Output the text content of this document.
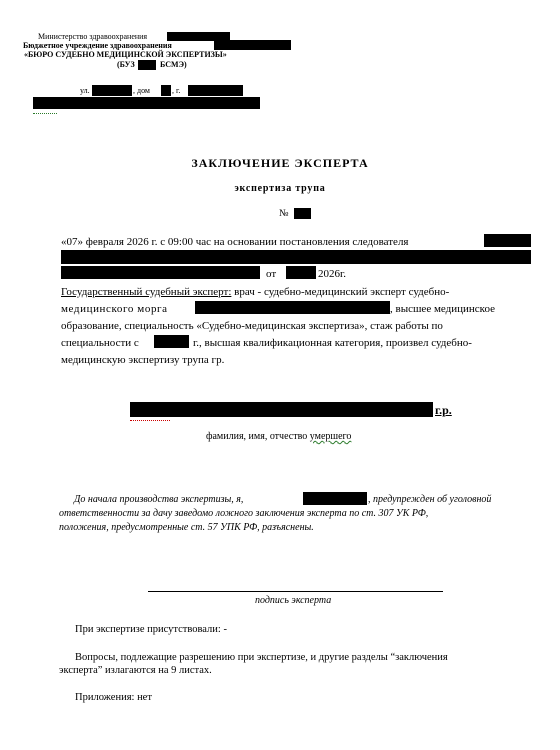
Министерство здравоохранения
Бюджетное учреждение здравоохранения
«БЮРО СУДЕБНО МЕДИЦИНСКОЙ ЭКСПЕРТИЗЫ»
(БУЗ	БСМЭ)
ул.	, дом	, г.
ЗАКЛЮЧЕНИЕ ЭКСПЕРТА
экспертиза трупа
№
«07» февраля 2026 г. с 09:00 час на основании постановления следователя
от	2026г.
Государственный судебный эксперт: врач - судебно-медицинский эксперт судебно-
медицинского морга	, высшее медицинское
образование, специальность «Судебно-медицинская экспертиза», стаж работы по
специальности с	г., высшая квалификационная категория, произвел судебно-
медицинскую экспертизу трупа гр.
г.р.
фамилия, имя, отчество умершего
До начала производства экспертизы, я,	, предупрежден об уголовной
ответственности за дачу заведомо ложного заключения эксперта по ст. 307 УК РФ,
положения, предусмотренные ст. 57 УПК РФ, разъяснены.
подпись эксперта
При экспертизе присутствовали: -
Вопросы, подлежащие разрешению при экспертизе, и другие разделы “заключения
эксперта” излагаются на 9 листах.
Приложения: нет
